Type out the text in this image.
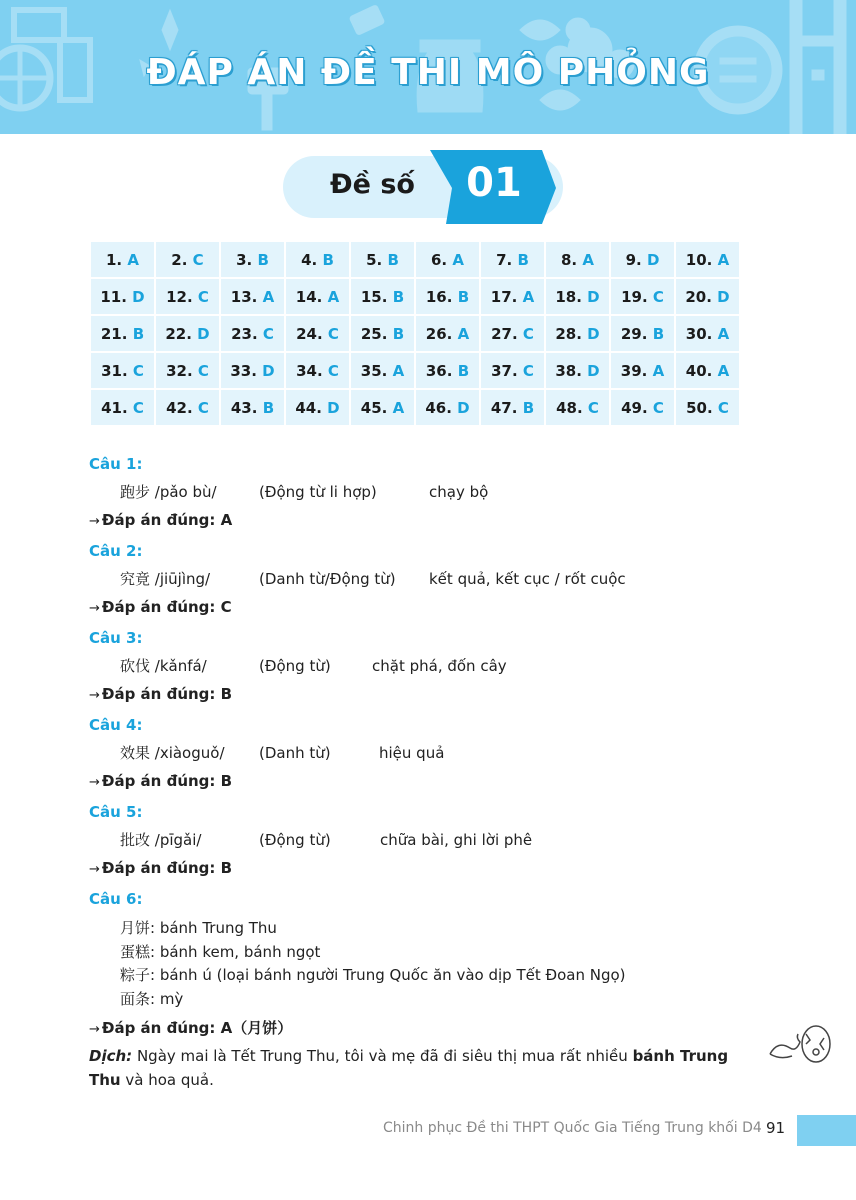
ĐÁP ÁN ĐỀ THI MÔ PHỎNG
Đề số 01
1. A	2. C	3. B	4. B	5. B	6. A	7. B	8. A	9. D	10. A
11. D	12. C	13. A	14. A	15. B	16. B	17. A	18. D	19. C	20. D
21. B	22. D	23. C	24. C	25. B	26. A	27. C	28. D	29. B	30. A
31. C	32. C	33. D	34. C	35. A	36. B	37. C	38. D	39. A	40. A
41. C	42. C	43. B	44. D	45. A	46. D	47. B	48. C	49. C	50. C
Câu 1:
跑步 /pǎo bù/	(Động từ li hợp)	chạy bộ
→ Đáp án đúng: A
Câu 2:
究竟 /jiūjìng/	(Danh từ/Động từ) kết quả, kết cục / rốt cuộc
→ Đáp án đúng: C
Câu 3:
砍伐 /kǎnfá/	(Động từ)	chặt phá, đốn cây
→ Đáp án đúng: B
Câu 4:
效果 /xiàoguǒ/ (Danh từ)	hiệu quả
→ Đáp án đúng: B
Câu 5:
批改 /pīgǎi/	(Động từ)	chữa bài, ghi lời phê
→ Đáp án đúng: B
Câu 6:
月饼: bánh Trung Thu
蛋糕: bánh kem, bánh ngọt
粽子: bánh ú (loại bánh người Trung Quốc ăn vào dịp Tết Đoan Ngọ)
面条: mỳ
→ Đáp án đúng: A（月饼）
Dịch: Ngày mai là Tết Trung Thu, tôi và mẹ đã đi siêu thị mua rất nhiều bánh Trung Thu và hoa quả.
Chinh phục Đề thi THPT Quốc Gia Tiếng Trung khối D4 91
